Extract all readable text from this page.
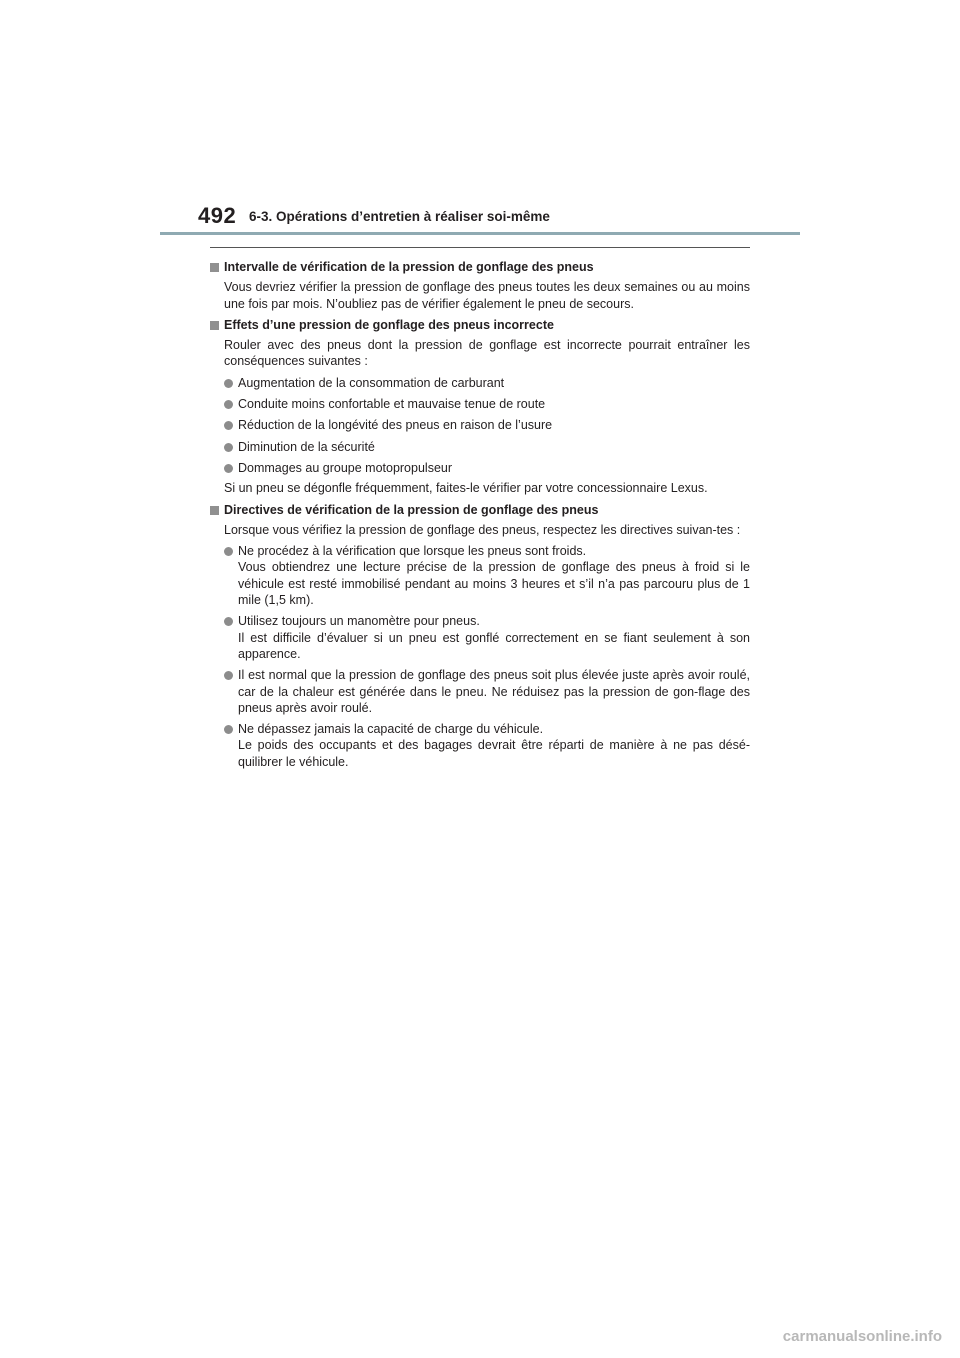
492 6-3. Opérations d’entretien à réaliser soi-même
Intervalle de vérification de la pression de gonflage des pneus
Vous devriez vérifier la pression de gonflage des pneus toutes les deux semaines ou au moins une fois par mois. N’oubliez pas de vérifier également le pneu de secours.
Effets d’une pression de gonflage des pneus incorrecte
Rouler avec des pneus dont la pression de gonflage est incorrecte pourrait entraîner les conséquences suivantes :
Augmentation de la consommation de carburant
Conduite moins confortable et mauvaise tenue de route
Réduction de la longévité des pneus en raison de l’usure
Diminution de la sécurité
Dommages au groupe motopropulseur
Si un pneu se dégonfle fréquemment, faites-le vérifier par votre concessionnaire Lexus.
Directives de vérification de la pression de gonflage des pneus
Lorsque vous vérifiez la pression de gonflage des pneus, respectez les directives suivan-tes :
Ne procédez à la vérification que lorsque les pneus sont froids.
Vous obtiendrez une lecture précise de la pression de gonflage des pneus à froid si le véhicule est resté immobilisé pendant au moins 3 heures et s’il n’a pas parcouru plus de 1 mile (1,5 km).
Utilisez toujours un manomètre pour pneus.
Il est difficile d’évaluer si un pneu est gonflé correctement en se fiant seulement à son apparence.
Il est normal que la pression de gonflage des pneus soit plus élevée juste après avoir roulé, car de la chaleur est générée dans le pneu. Ne réduisez pas la pression de gon-flage des pneus après avoir roulé.
Ne dépassez jamais la capacité de charge du véhicule.
Le poids des occupants et des bagages devrait être réparti de manière à ne pas désé-quilibrer le véhicule.
carmanualsonline.info
